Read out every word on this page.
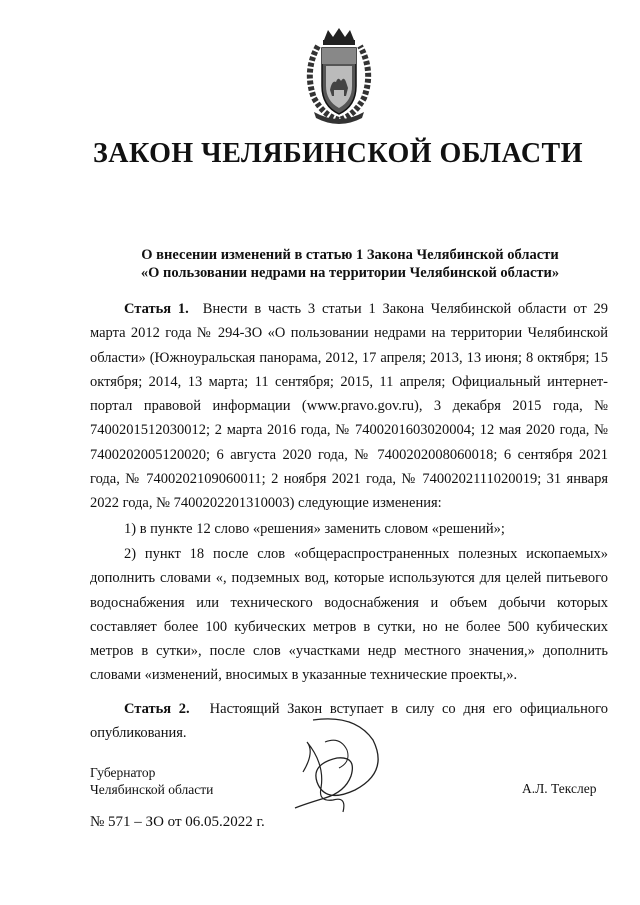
ЗАКОН ЧЕЛЯБИНСКОЙ ОБЛАСТИ
О внесении изменений в статью 1 Закона Челябинской области
«О пользовании недрами на территории Челябинской области»

Статья 1. Внести в часть 3 статьи 1 Закона Челябинской области от 29 марта 2012 года № 294-ЗО «О пользовании недрами на территории Челябинской области» (Южноуральская панорама, 2012, 17 апреля; 2013, 13 июня; 8 октября; 15 октября; 2014, 13 марта; 11 сентября; 2015, 11 апреля; Официальный интернет-портал правовой информации (www.pravo.gov.ru), 3 декабря 2015 года, № 7400201512030012; 2 марта 2016 года, № 7400201603020004; 12 мая 2020 года, № 7400202005120020; 6 августа 2020 года, № 7400202008060018; 6 сентября 2021 года, № 7400202109060011; 2 ноября 2021 года, № 7400202111020019; 31 января 2022 года, № 7400202201310003) следующие изменения:

1) в пункте 12 слово «решения» заменить словом «решений»;

2) пункт 18 после слов «общераспространенных полезных ископаемых» дополнить словами «, подземных вод, которые используются для целей питьевого водоснабжения или технического водоснабжения и объем добычи которых составляет более 100 кубических метров в сутки, но не более 500 кубических метров в сутки», после слов «участками недр местного значения,» дополнить словами «изменений, вносимых в указанные технические проекты,».

Статья 2. Настоящий Закон вступает в силу со дня его официального опубликования.

Губернатор
Челябинской области	А.Л. Текслер
№ 571 – ЗО от 06.05.2022 г.
